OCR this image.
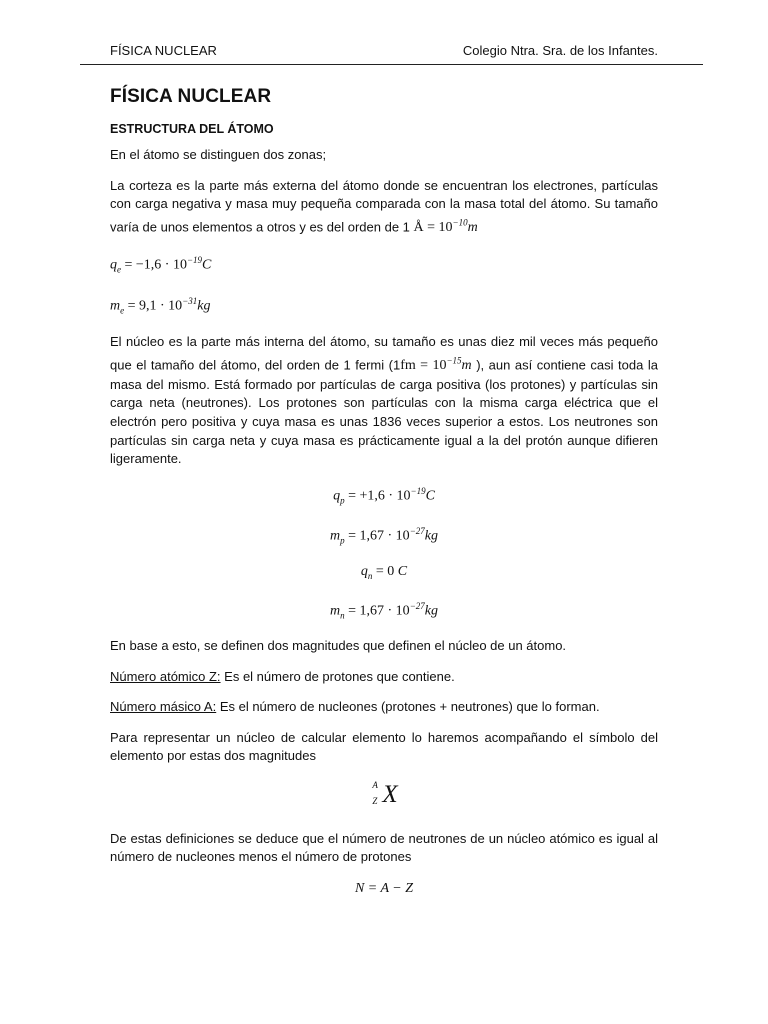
FÍSICA NUCLEAR	Colegio Ntra. Sra. de los Infantes.
FÍSICA NUCLEAR
ESTRUCTURA DEL ÁTOMO

En el átomo se distinguen dos zonas;

La corteza es la parte más externa del átomo donde se encuentran los electrones, partículas con carga negativa y masa muy pequeña comparada con la masa total del átomo. Su tamaño varía de unos elementos a otros y es del orden de 1 Å = $10^{-10}m$

$q_e = -1,6 \cdot 10^{-19}C$
$m_e = 9,1 \cdot 10^{-31}kg$

El núcleo es la parte más interna del átomo, su tamaño es unas diez mil veces más pequeño que el tamaño del átomo, del orden de 1 fermi ($1fm = 10^{-15}m$ ), aun así contiene casi toda la masa del mismo. Está formado por partículas de carga positiva (los protones) y partículas sin carga neta (neutrones). Los protones son partículas con la misma carga eléctrica que el electrón pero positiva y cuya masa es unas 1836 veces superior a estos. Los neutrones son partículas sin carga neta y cuya masa es prácticamente igual a la del protón aunque difieren ligeramente.

$q_p = +1,6 \cdot 10^{-19}C$
$m_p = 1,67 \cdot 10^{-27}kg$
$q_n = 0$ C
$m_n = 1,67 \cdot 10^{-27}kg$

En base a esto, se definen dos magnitudes que definen el núcleo de un átomo.

Número atómico Z: Es el número de protones que contiene.

Número másico A: Es el número de nucleones (protones + neutrones) que lo forman.

Para representar un núcleo de calcular elemento lo haremos acompañando el símbolo del elemento por estas dos magnitudes

A
Z X

De estas definiciones se deduce que el número de neutrones de un núcleo atómico es igual al número de nucleones menos el número de protones

N = A − Z
